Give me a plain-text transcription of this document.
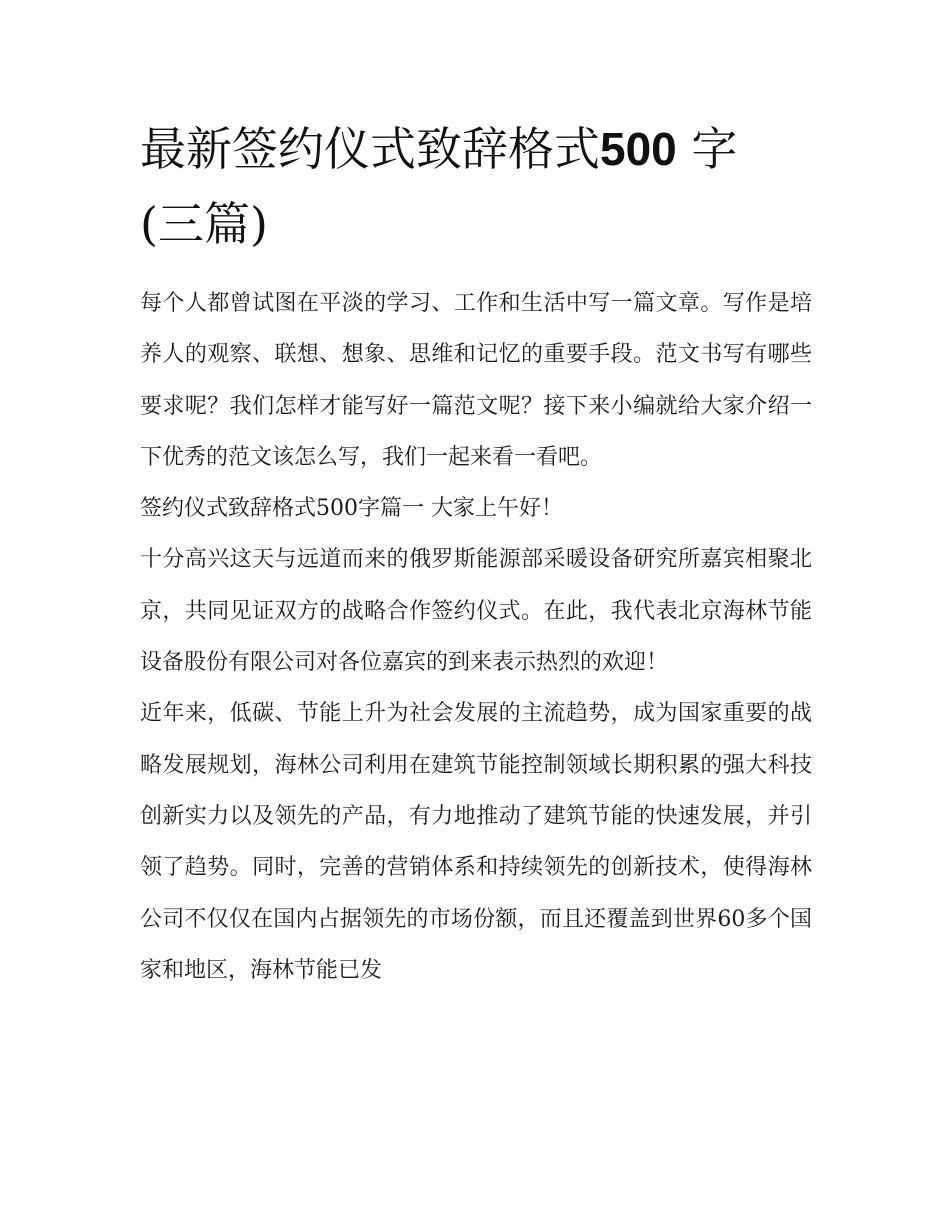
最新签约仪式致辞格式500 字
(三篇)

每个人都曾试图在平淡的学习、工作和生活中写一篇文章。写作是培养人的观察、联想、想象、思维和记忆的重要手段。范文书写有哪些要求呢？我们怎样才能写好一篇范文呢？接下来小编就给大家介绍一下优秀的范文该怎么写，我们一起来看一看吧。

签约仪式致辞格式500字篇一 大家上午好！

十分高兴这天与远道而来的俄罗斯能源部采暖设备研究所嘉宾相聚北京，共同见证双方的战略合作签约仪式。在此，我代表北京海林节能设备股份有限公司对各位嘉宾的到来表示热烈的欢迎！

近年来，低碳、节能上升为社会发展的主流趋势，成为国家重要的战略发展规划，海林公司利用在建筑节能控制领域长期积累的强大科技创新实力以及领先的产品，有力地推动了建筑节能的快速发展，并引领了趋势。同时，完善的营销体系和持续领先的创新技术，使得海林公司不仅仅在国内占据领先的市场份额，而且还覆盖到世界60多个国家和地区，海林节能已发
